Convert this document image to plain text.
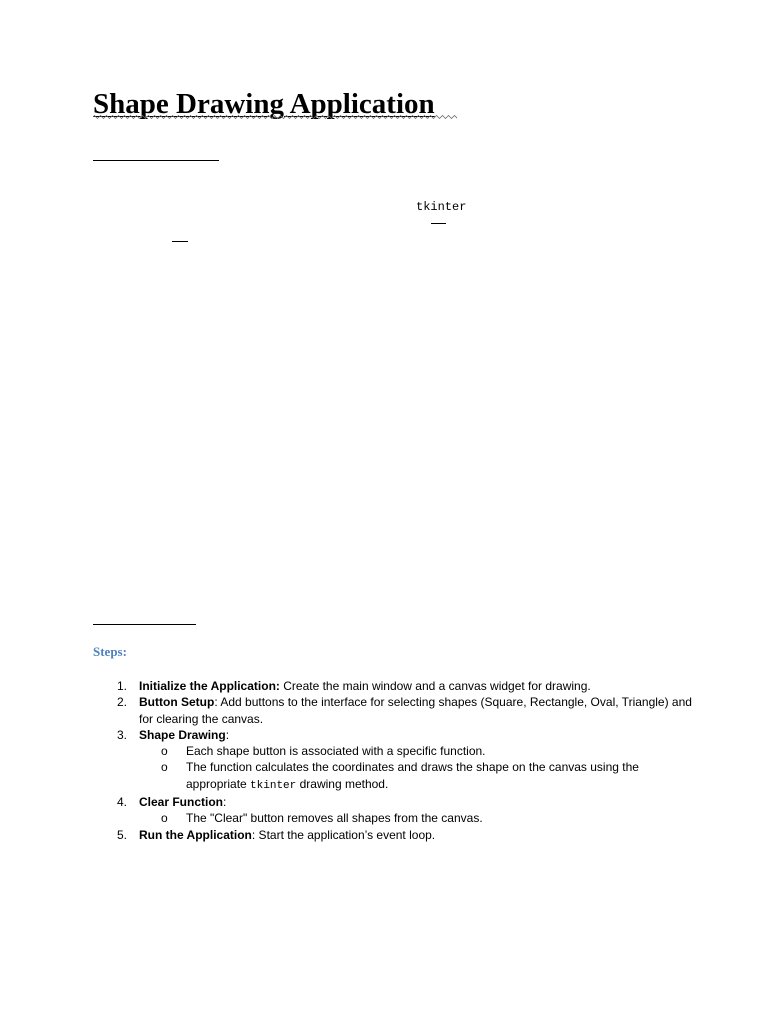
Shape Drawing Application
tkinter
Steps:
1. Initialize the Application: Create the main window and a canvas widget for drawing.
2. Button Setup: Add buttons to the interface for selecting shapes (Square, Rectangle, Oval, Triangle) and for clearing the canvas.
3. Shape Drawing:
o Each shape button is associated with a specific function.
o The function calculates the coordinates and draws the shape on the canvas using the appropriate tkinter drawing method.
4. Clear Function:
o The "Clear" button removes all shapes from the canvas.
5. Run the Application: Start the application’s event loop.
